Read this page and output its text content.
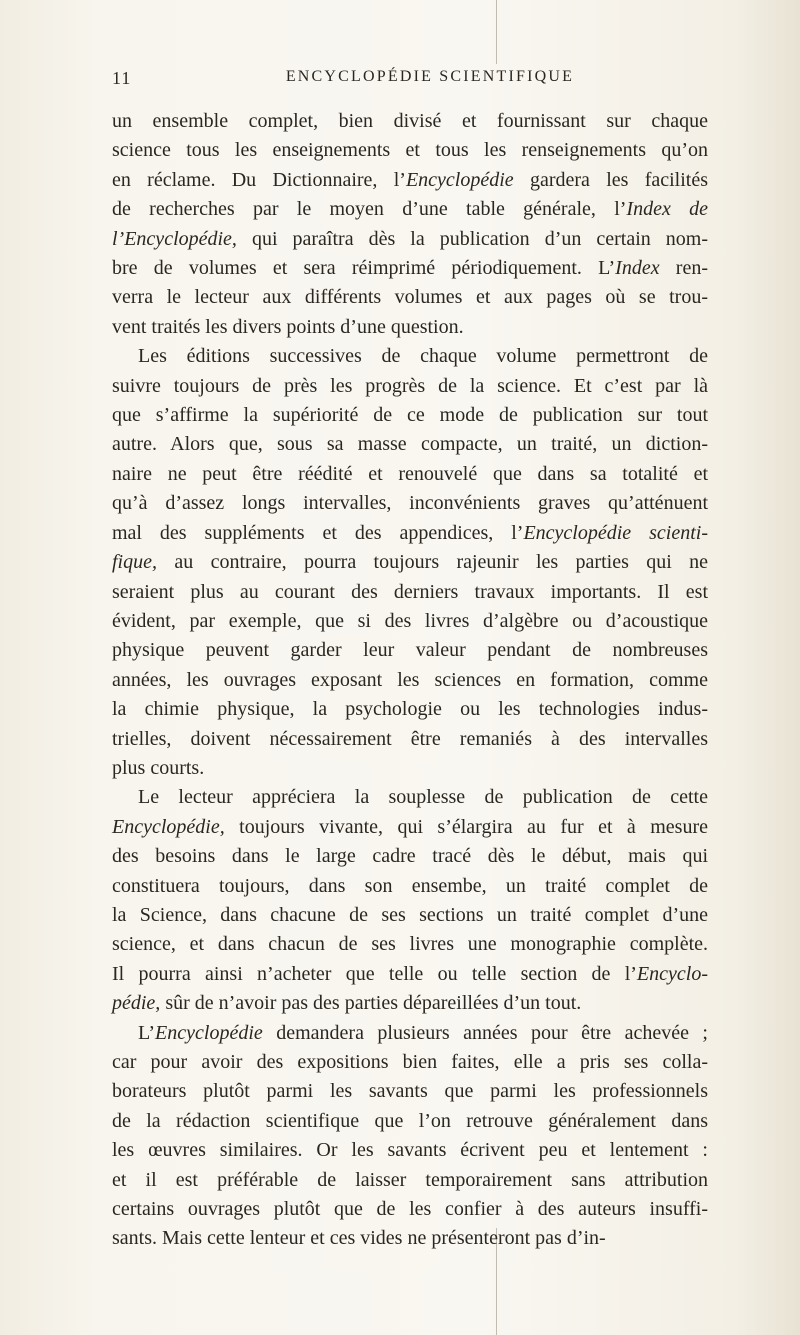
11	ENCYCLOPÉDIE SCIENTIFIQUE
un ensemble complet, bien divisé et fournissant sur chaque
science tous les enseignements et tous les renseignements qu’on
en réclame. Du Dictionnaire, l’Encyclopédie gardera les facilités
de recherches par le moyen d’une table générale, l’Index de
l’Encyclopédie, qui paraîtra dès la publication d’un certain nom-
bre de volumes et sera réimprimé périodiquement. L’Index ren-
verra le lecteur aux différents volumes et aux pages où se trou-
vent traités les divers points d’une question.
Les éditions successives de chaque volume permettront de
suivre toujours de près les progrès de la science. Et c’est par là
que s’affirme la supériorité de ce mode de publication sur tout
autre. Alors que, sous sa masse compacte, un traité, un diction-
naire ne peut être réédité et renouvelé que dans sa totalité et
qu’à d’assez longs intervalles, inconvénients graves qu’atténuent
mal des suppléments et des appendices, l’Encyclopédie scienti-
fique, au contraire, pourra toujours rajeunir les parties qui ne
seraient plus au courant des derniers travaux importants. Il est
évident, par exemple, que si des livres d’algèbre ou d’acoustique
physique peuvent garder leur valeur pendant de nombreuses
années, les ouvrages exposant les sciences en formation, comme
la chimie physique, la psychologie ou les technologies indus-
trielles, doivent nécessairement être remaniés à des intervalles
plus courts.
Le lecteur appréciera la souplesse de publication de cette
Encyclopédie, toujours vivante, qui s’élargira au fur et à mesure
des besoins dans le large cadre tracé dès le début, mais qui
constituera toujours, dans son ensembe, un traité complet de
la Science, dans chacune de ses sections un traité complet d’une
science, et dans chacun de ses livres une monographie complète.
Il pourra ainsi n’acheter que telle ou telle section de l’Encyclo-
pédie, sûr de n’avoir pas des parties dépareillées d’un tout.
L’Encyclopédie demandera plusieurs années pour être achevée ;
car pour avoir des expositions bien faites, elle a pris ses colla-
borateurs plutôt parmi les savants que parmi les professionnels
de la rédaction scientifique que l’on retrouve généralement dans
les œuvres similaires. Or les savants écrivent peu et lentement :
et il est préférable de laisser temporairement sans attribution
certains ouvrages plutôt que de les confier à des auteurs insuffi-
sants. Mais cette lenteur et ces vides ne présenteront pas d’in-
